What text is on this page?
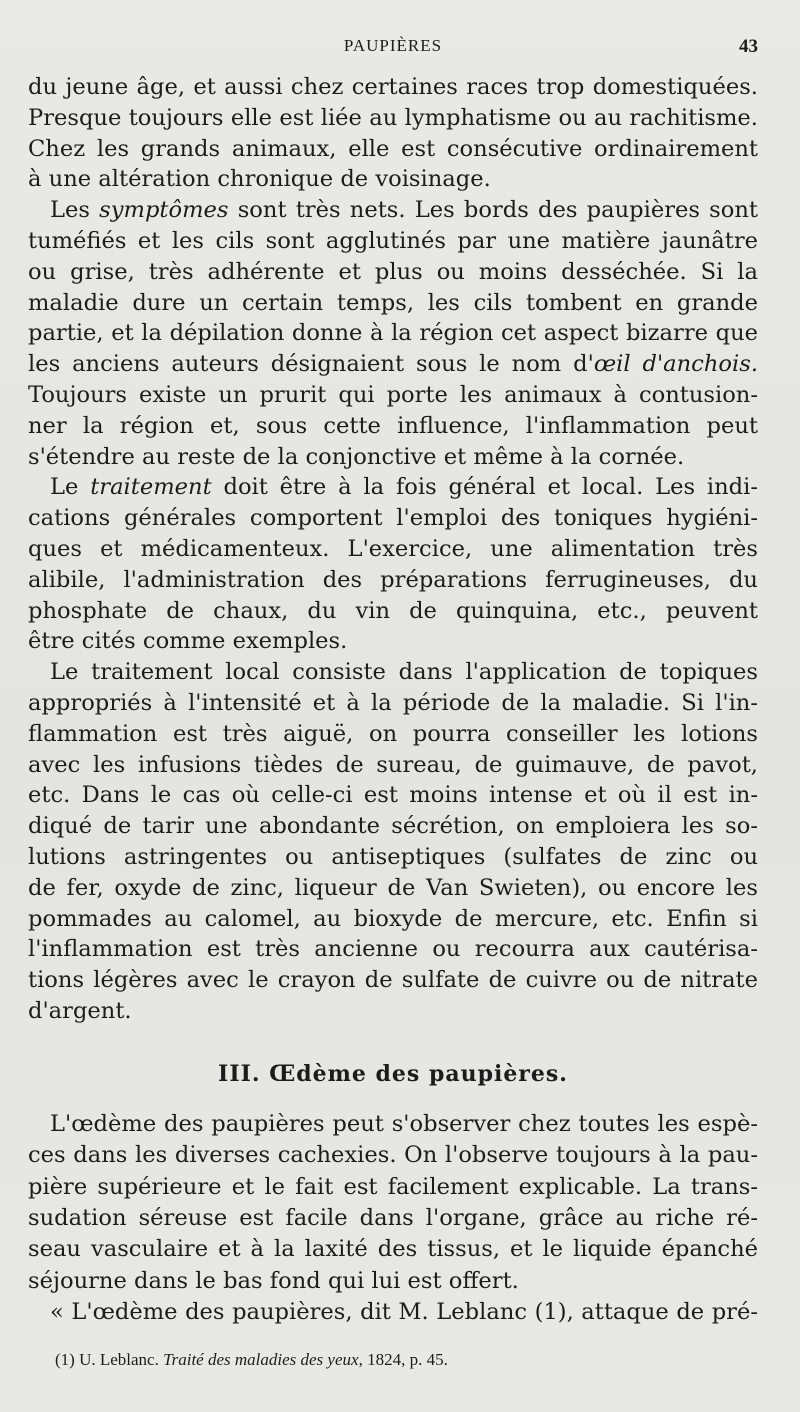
PAUPIÈRES	43

du jeune âge, et aussi chez certaines races trop domestiquées.

Presque toujours elle est liée au lymphatisme ou au rachitisme.

Chez les grands animaux, elle est consécutive ordinairement

à une altération chronique de voisinage.

Les symptômes sont très nets. Les bords des paupières sont

tuméfiés et les cils sont agglutinés par une matière jaunâtre

ou grise, très adhérente et plus ou moins desséchée. Si la

maladie dure un certain temps, les cils tombent en grande

partie, et la dépilation donne à la région cet aspect bizarre que

les anciens auteurs désignaient sous le nom d'œil d'anchois.

Toujours existe un prurit qui porte les animaux à contusion-

ner la région et, sous cette influence, l'inflammation peut

s'étendre au reste de la conjonctive et même à la cornée.

Le traitement doit être à la fois général et local. Les indi-

cations générales comportent l'emploi des toniques hygiéni-

ques et médicamenteux. L'exercice, une alimentation très

alibile, l'administration des préparations ferrugineuses, du

phosphate de chaux, du vin de quinquina, etc., peuvent

être cités comme exemples.

Le traitement local consiste dans l'application de topiques

appropriés à l'intensité et à la période de la maladie. Si l'in-

flammation est très aiguë, on pourra conseiller les lotions

avec les infusions tièdes de sureau, de guimauve, de pavot,

etc. Dans le cas où celle-ci est moins intense et où il est in-

diqué de tarir une abondante sécrétion, on emploiera les so-

lutions astringentes ou antiseptiques (sulfates de zinc ou

de fer, oxyde de zinc, liqueur de Van Swieten), ou encore les

pommades au calomel, au bioxyde de mercure, etc. Enfin si

l'inflammation est très ancienne ou recourra aux cautérisa-

tions légères avec le crayon de sulfate de cuivre ou de nitrate

d'argent.

III. Œdème des paupières.

L'œdème des paupières peut s'observer chez toutes les espè-

ces dans les diverses cachexies. On l'observe toujours à la pau-

pière supérieure et le fait est facilement explicable. La trans-

sudation séreuse est facile dans l'organe, grâce au riche ré-

seau vasculaire et à la laxité des tissus, et le liquide épanché

séjourne dans le bas fond qui lui est offert.

« L'œdème des paupières, dit M. Leblanc (1), attaque de pré-

(1) U. Leblanc. Traité des maladies des yeux, 1824, p. 45.
